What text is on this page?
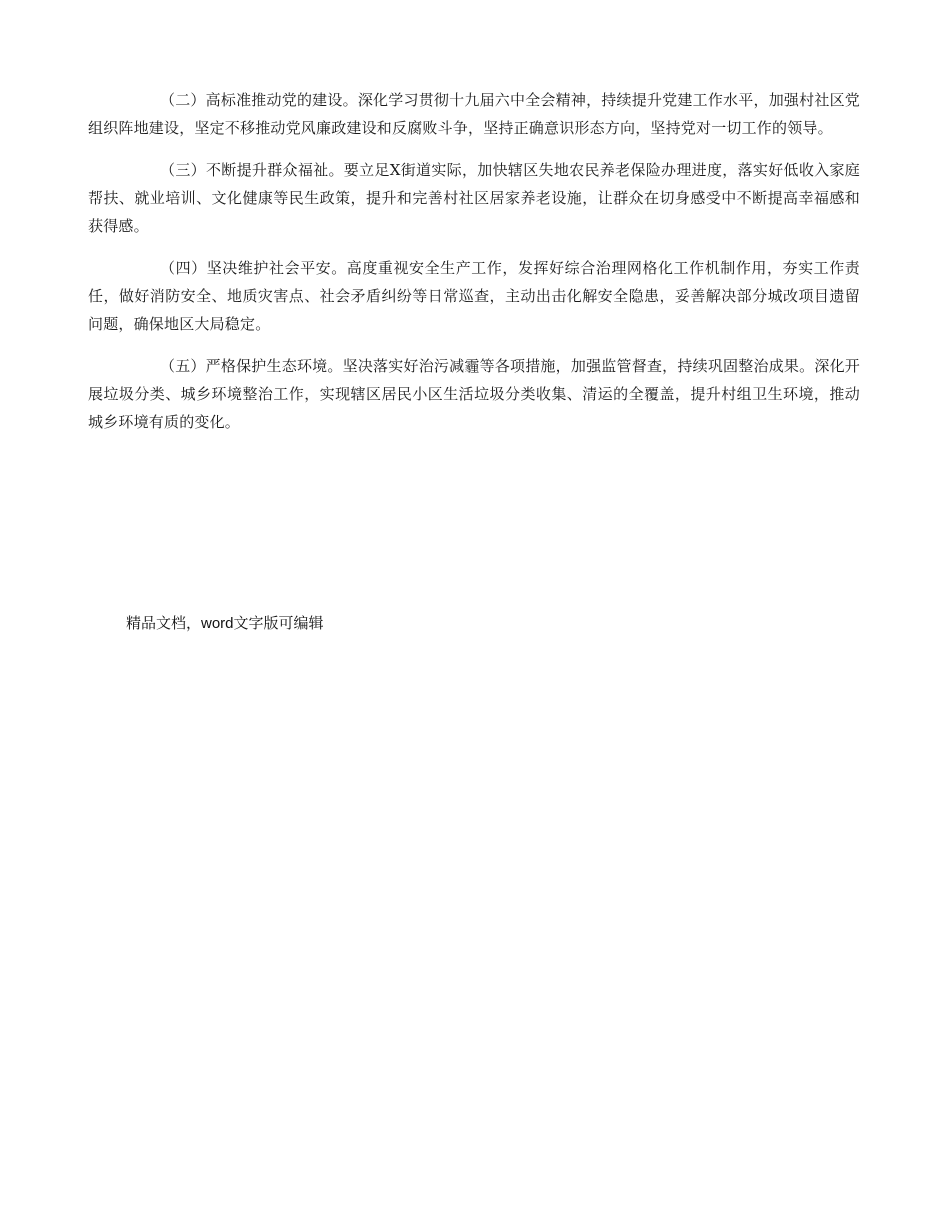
（二）高标准推动党的建设。深化学习贯彻十九届六中全会精神，持续提升党建工作水平，加强村社区党组织阵地建设，坚定不移推动党风廉政建设和反腐败斗争，坚持正确意识形态方向，坚持党对一切工作的领导。

（三）不断提升群众福祉。要立足X街道实际，加快辖区失地农民养老保险办理进度，落实好低收入家庭帮扶、就业培训、文化健康等民生政策，提升和完善村社区居家养老设施，让群众在切身感受中不断提高幸福感和获得感。

（四）坚决维护社会平安。高度重视安全生产工作，发挥好综合治理网格化工作机制作用，夯实工作责任，做好消防安全、地质灾害点、社会矛盾纠纷等日常巡查，主动出击化解安全隐患，妥善解决部分城改项目遗留问题，确保地区大局稳定。

（五）严格保护生态环境。坚决落实好治污减霾等各项措施，加强监管督查，持续巩固整治成果。深化开展垃圾分类、城乡环境整治工作，实现辖区居民小区生活垃圾分类收集、清运的全覆盖，提升村组卫生环境，推动城乡环境有质的变化。

精品文档，word文字版可编辑
